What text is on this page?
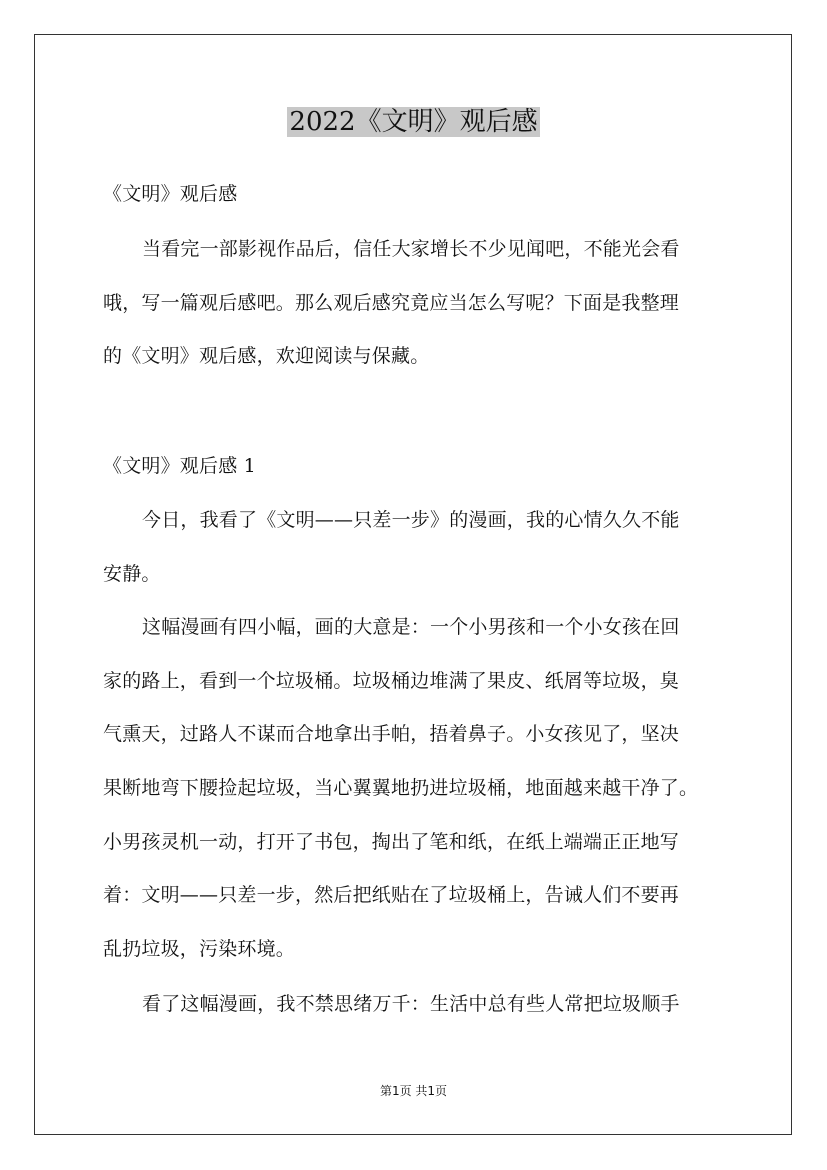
2022《文明》观后感
《文明》观后感
当看完一部影视作品后，信任大家增长不少见闻吧，不能光会看
哦，写一篇观后感吧。那么观后感究竟应当怎么写呢？下面是我整理
的《文明》观后感，欢迎阅读与保藏。
《文明》观后感 1
今日，我看了《文明——只差一步》的漫画，我的心情久久不能
安静。
这幅漫画有四小幅，画的大意是：一个小男孩和一个小女孩在回
家的路上，看到一个垃圾桶。垃圾桶边堆满了果皮、纸屑等垃圾，臭
气熏天，过路人不谋而合地拿出手帕，捂着鼻子。小女孩见了，坚决
果断地弯下腰捡起垃圾，当心翼翼地扔进垃圾桶，地面越来越干净了。
小男孩灵机一动，打开了书包，掏出了笔和纸，在纸上端端正正地写
着：文明——只差一步，然后把纸贴在了垃圾桶上，告诫人们不要再
乱扔垃圾，污染环境。
看了这幅漫画，我不禁思绪万千：生活中总有些人常把垃圾顺手
第1页 共1页
